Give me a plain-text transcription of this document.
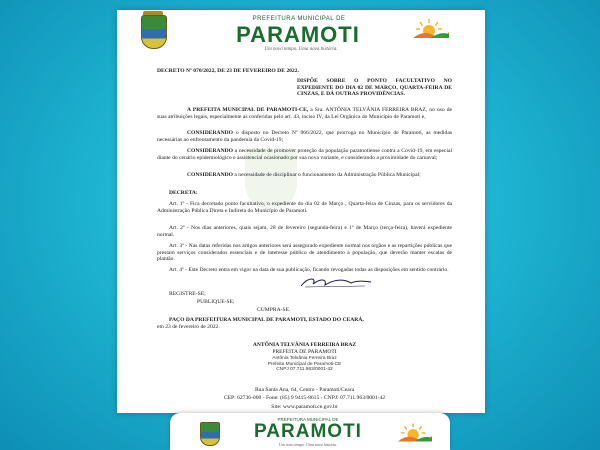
PREFEITURA MUNICIPAL DE
PARAMOTI
Um novo tempo. Uma nova história.

DECRETO Nº 070/2022, DE 23 DE FEVEREIRO DE 2022.

DISPÕE SOBRE O PONTO FACULTATIVO NO EXPEDIENTE DO DIA 02 DE MARÇO, QUARTA-FEIRA DE CINZAS, E DÁ OUTRAS PROVIDÊNCIAS.

A PREFEITA MUNICIPAL DE PARAMOTI-CE, a Sra. ANTÔNIA TELVÂNIA FERREIRA BRAZ, no uso de suas atribuições legais, especialmente as conferidas pelo art. 43, inciso IV, da Lei Orgânica do Município de Paramoti e,

CONSIDERANDO o disposto no Decreto Nº 066/2022, que prorroga no Município de Paramoti, as medidas necessárias ao enfrentamento da pandemia da Covid-19;

CONSIDERANDO a necessidade de promover proteção da população paramotiense contra a Covid-19, em especial diante do cenário epidemiológico e assistencial ocasionado por sua nova variante, e considerando a proximidade do carnaval;

CONSIDERANDO a necessidade de disciplinar o funcionamento da Administração Pública Municipal;

DECRETA:

Art. 1º - Fica decretado ponto facultativo, o expediente do dia 02 de Março , Quarta-feira de Cinzas, para os servidores da Administração Pública Direta e Indireta do Município de Paramoti.

Art. 2º - Nos dias anteriores, quais sejam, 28 de fevereiro (segunda-feira) e 1º de Março (terça-feira), haverá expediente normal.

Art. 3º - Nas datas referidas nos artigos anteriores será assegurado expediente normal nos órgãos e as repartições públicas que prestam serviços considerados essenciais e de interesse público de atendimento à população, que deverão manter escalas de plantão.

Art. 4º - Este Decreto entra em vigor na data de sua publicação, ficando revogadas todas as disposições em sentido contrário.

REGISTRE-SE;

PUBLIQUE-SE;

CUMPRA-SE.

PAÇO DA PREFEITURA MUNICIPAL DE PARAMOTI, ESTADO DO CEARÁ,

em 23 de fevereiro de 2022.

ANTÔNIA TELVÂNIA FERREIRA BRAZ

PREFEITA DE PARAMOTI

Antônia Telvânia Ferreira Braz
Prefeita Municipal de Paramoti-CE
CNPJ 07.711.963/0001-42
Rua Santa Ana, 64, Centro - Paramoti/Ceara
CEP: 62736-000 - Fone: (85) 9 9415-8615 - CNPJ: 07.711.963/0001-42
Site: www.paramoti.ce.gov.br
PREFEITURA MUNICIPAL DE
PARAMOTI
Um novo tempo. Uma nova história.
